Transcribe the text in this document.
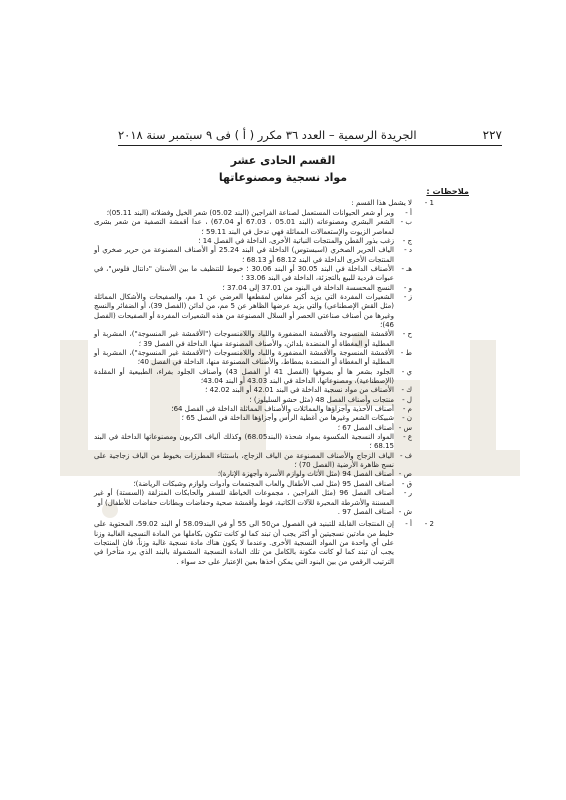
٢٢٧
الجريدة الرسمية – العدد ٣٦ مكرر ( أ ) فى ٩ سبتمبر سنة ٢٠١٨
القسم الحادى عشر
مواد نسجية ومصنوعاتها
ملاحظات :
1 -
لا يشمل هذا القسم :
أ -
وبر أو شعر الحيوانات المستعمل لصناعة الفراجين (البند 05.02) شعر الخيل وفضلاته (البند 05.11)؛
ب -
الشعر البشري ومصنوعاته (البند 05.01 ، 67.03 أو 67.04) ، عدا أقمشة التصفية من شعر بشرى لمعاصر الزيوت والإستعمالات المماثلة فهي تدخل في البند 59.11 ؛
ج -
زغب بذور القطن والمنتجات النباتية الأخرى، الداخلة في الفصل 14 ؛
د -
الياف الحرير الصخري (اسبستوس) الداخلة في البند 25.24 أو الأصناف المصنوعة من حرير صخري أو المنتجات الأخرى الداخلة في البند 68.12 أو 68.13 ؛
هـ -
الأصناف الداخلة في البند 30.05 أو البند 30.06 ؛ خيوط للتنظيف ما بين الأسنان "دانتال فلوس"، في عبوات فردية للبيع بالتجزئة، الداخلة في البند 33.06 ؛
و -
النسج المحسسة الداخلة في البنود من 37.01 إلى 37.04 ؛
ز -
الشعيرات المفردة التي يزيد أكبر مقاس لمقطعها العرضي عن 1 مم، والصفيحات والأشكال المماثلة (مثل القش الإصطناعي) والتي يزيد عرضها الظاهر عن 5 مم، من لدائن (الفصل 39)، أو الضفائر والنسج وغيرها من أصناف صناعتي الحصر أو السلال المصنوعة من هذه الشعيرات المفردة أو الصفيحات (الفصل 46)؛
ح -
الأقمشة المنسوجة والأقمشة المضفورة واللباد واللامنسوجات ("الأقمشة غير المنسوجة")، المشربة أو المطلية أو المغطاة أو المنضدة بلدائن، والأصناف المصنوعة منها، الداخلة في الفصل 39 ؛
ط -
الأقمشة المنسوجة والأقمشة المضفورة واللباد واللامنسوجات ("الأقمشة غير المنسوجة")، المشربة أو المطلية أو المغطاة أو المنضدة بمطاط، والأصناف المصنوعة منها، الداخلة في الفصل 40؛
ي -
الجلود بشعر ها أو بصوفها (الفصل 41 أو الفصل 43) وأصناف الجلود بفراء، الطبيعية أو المقلدة (الإصطناعية)، ومصنوعاتها، الداخلة في البند 43.03 أو البند 43.04؛
ك -
الأصناف من مواد نسجية الداخلة في البند 42.01 أو البند 42.02 ؛
ل -
منتجات وأصناف الفصل 48 (مثل حشو السليلوز) ؛
م -
أصناف الأحذية وأجزاؤها والمماثلات والأصناف المماثلة الداخلة في الفصل 64؛
ن -
شبيكات الشعر وغيرها من أغطية الرأس وأجزاؤها الداخلة في الفصل 65 ؛
س -
أصناف الفصل 67 ؛
ع -
المواد النسجية المكسوة بمواد شحذة (البند68.05) وكذلك ألياف الكربون ومصنوعاتها الداخلة في البند 68.15 ؛
ف -
الياف الزجاج والأصناف المصنوعة من الياف الزجاج، باستثناء المطرزات بخيوط من الياف زجاجية على نسج ظاهرة الأرضية (الفصل 70) ؛
ص -
أصناف الفصل 94 (مثل الأثاث ولوازم الأسرة وأجهزة الإنارة)؛
ق -
أصناف الفصل 95 (مثل لعب الأطفال والعاب المجتمعات وأدوات ولوازم وشبكات الرياضة)؛
ر -
أصناف الفصل 96 (مثل الفراجين ، مجموعات الخياطة للسفر والحابكات المنزلقة (السستة) أو غير المسننة والأشرطة المحبرة للآلات الكاتبة، فوط وأقمشة صحية وحفاضات وبطانات حفاضات للأطفال) أو
ش -
أصناف الفصل 97 .
2 -
أ -
إن المنتجات القابلة للتبنيد في الفصول من50 الى 55 أو في البند58.09 أو البند 59.02، المحتوية على خليط من مادتين نسجيتين أو أكثر يجب أن تبند كما لو كانت تتكون بكاملها من المادة النسجية الغالبة وزنا على أي واحدة من المواد النسجية الأخرى. وعندما لا يكون هناك مادة نسجية غالبة وزناً، فان المنتجات يجب أن تبند كما لو كانت مكونة بالكامل من تلك المادة النسجية المشمولة بالبند الذي يرد متأخرا في الترتيب الرقمي من بين البنود التي يمكن أخذها بعين الإعتبار على حد سواء .
